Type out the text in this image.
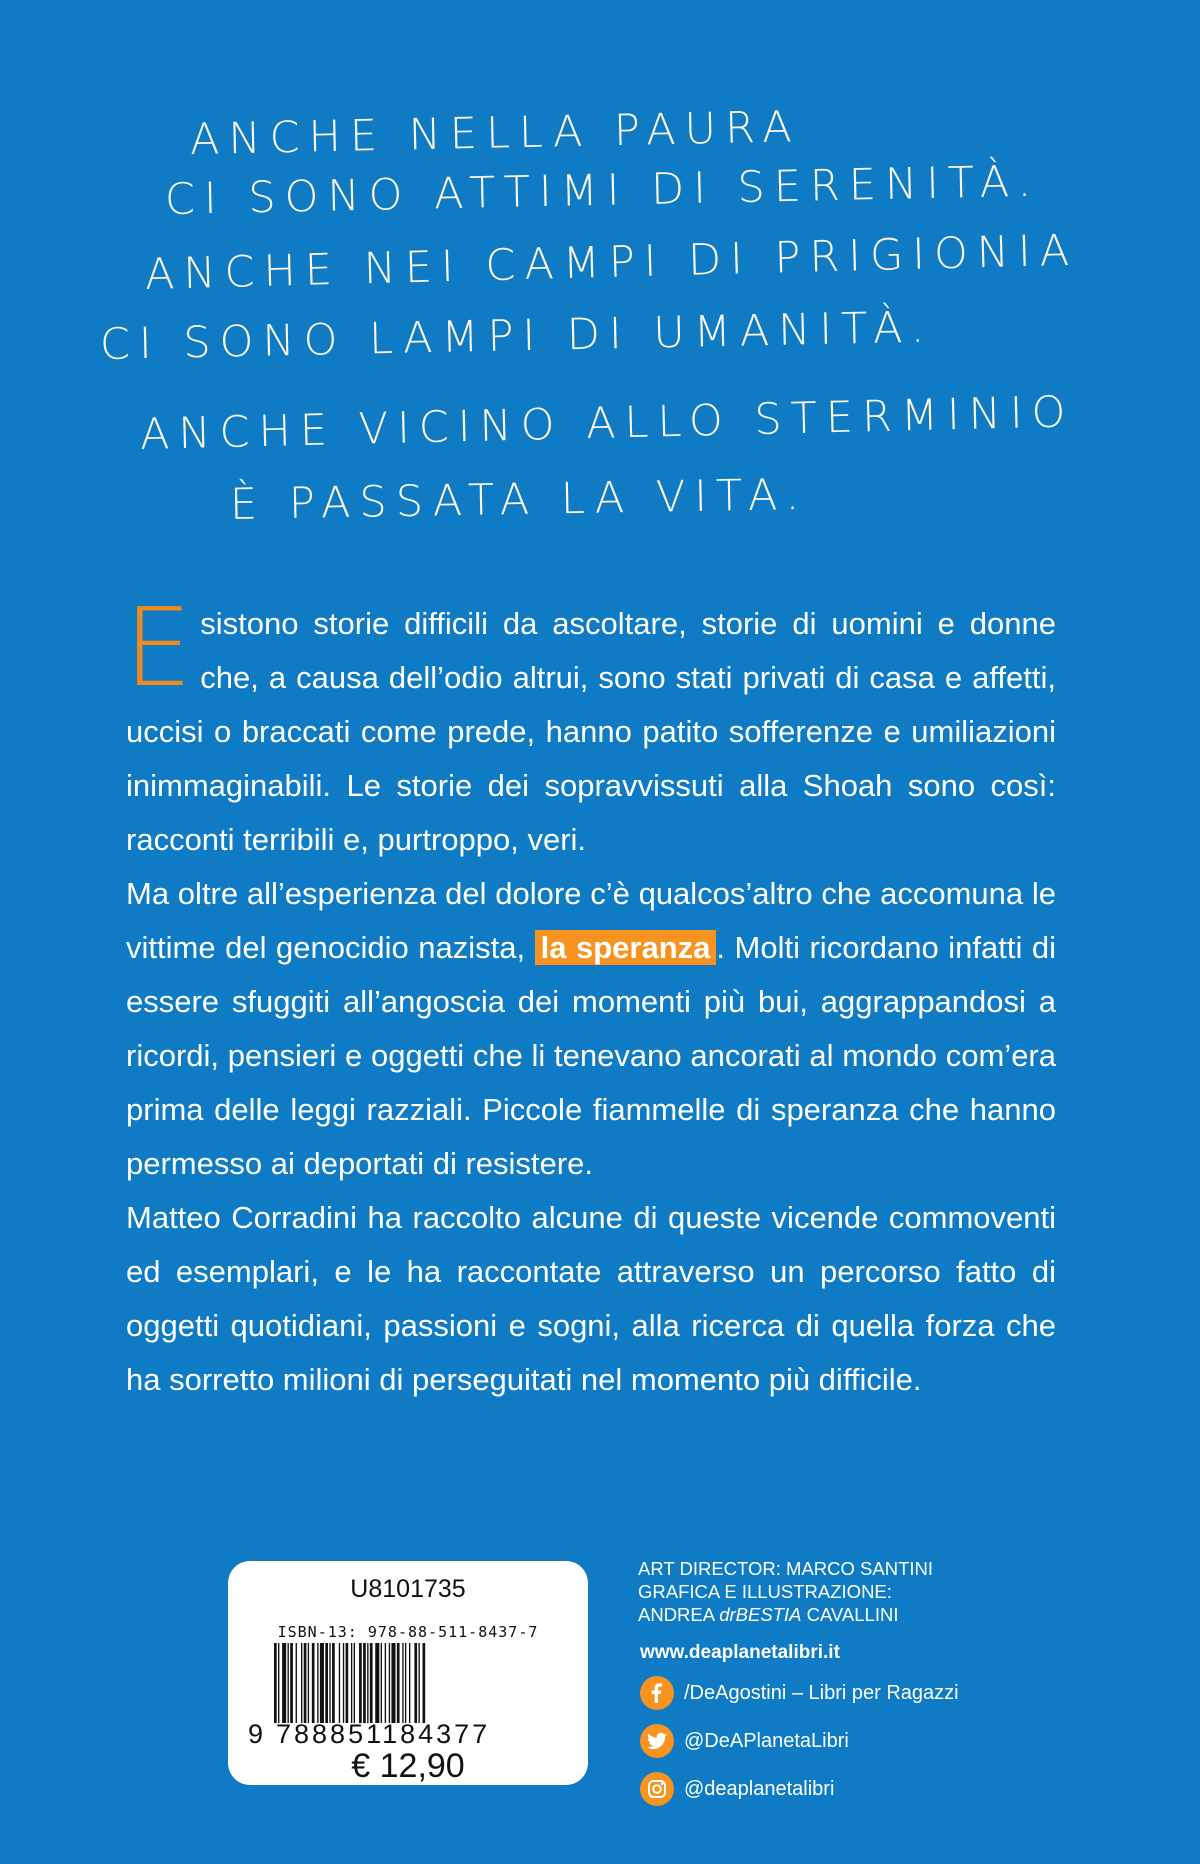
ANCHE NELLA PAURA
CI SONO ATTIMI DI SERENITÀ.
ANCHE NEI CAMPI DI PRIGIONIA
CI SONO LAMPI DI UMANITÀ.
ANCHE VICINO ALLO STERMINIO
È PASSATA LA VITA.

Esistono storie difficili da ascoltare, storie di uomini e donne che, a causa dell’odio altrui, sono stati privati di casa e affetti, uccisi o braccati come prede, hanno patito sofferenze e umiliazioni inimmaginabili. Le storie dei sopravvissuti alla Shoah sono così: racconti terribili e, purtroppo, veri.

Ma oltre all’esperienza del dolore c’è qualcos’altro che accomuna le vittime del genocidio nazista, la speranza . Molti ricordano infatti di essere sfuggiti all’angoscia dei momenti più bui, aggrappandosi a ricordi, pensieri e oggetti che li tenevano ancorati al mondo com’era prima delle leggi razziali. Piccole fiammelle di speranza che hanno permesso ai deportati di resistere.

Matteo Corradini ha raccolto alcune di queste vicende commoventi ed esemplari, e le ha raccontate attraverso un percorso fatto di oggetti quotidiani, passioni e sogni, alla ricerca di quella forza che ha sorretto milioni di perseguitati nel momento più difficile.

U8101735
ISBN-13: 978-88-511-8437-7
9 788851184377
€ 12,90
ART DIRECTOR: MARCO SANTINI
GRAFICA E ILLUSTRAZIONE:
ANDREA drBESTIA CAVALLINI
www.deaplanetalibri.it
/DeAgostini – Libri per Ragazzi
@DeAPlanetaLibri
@deaplanetalibri
